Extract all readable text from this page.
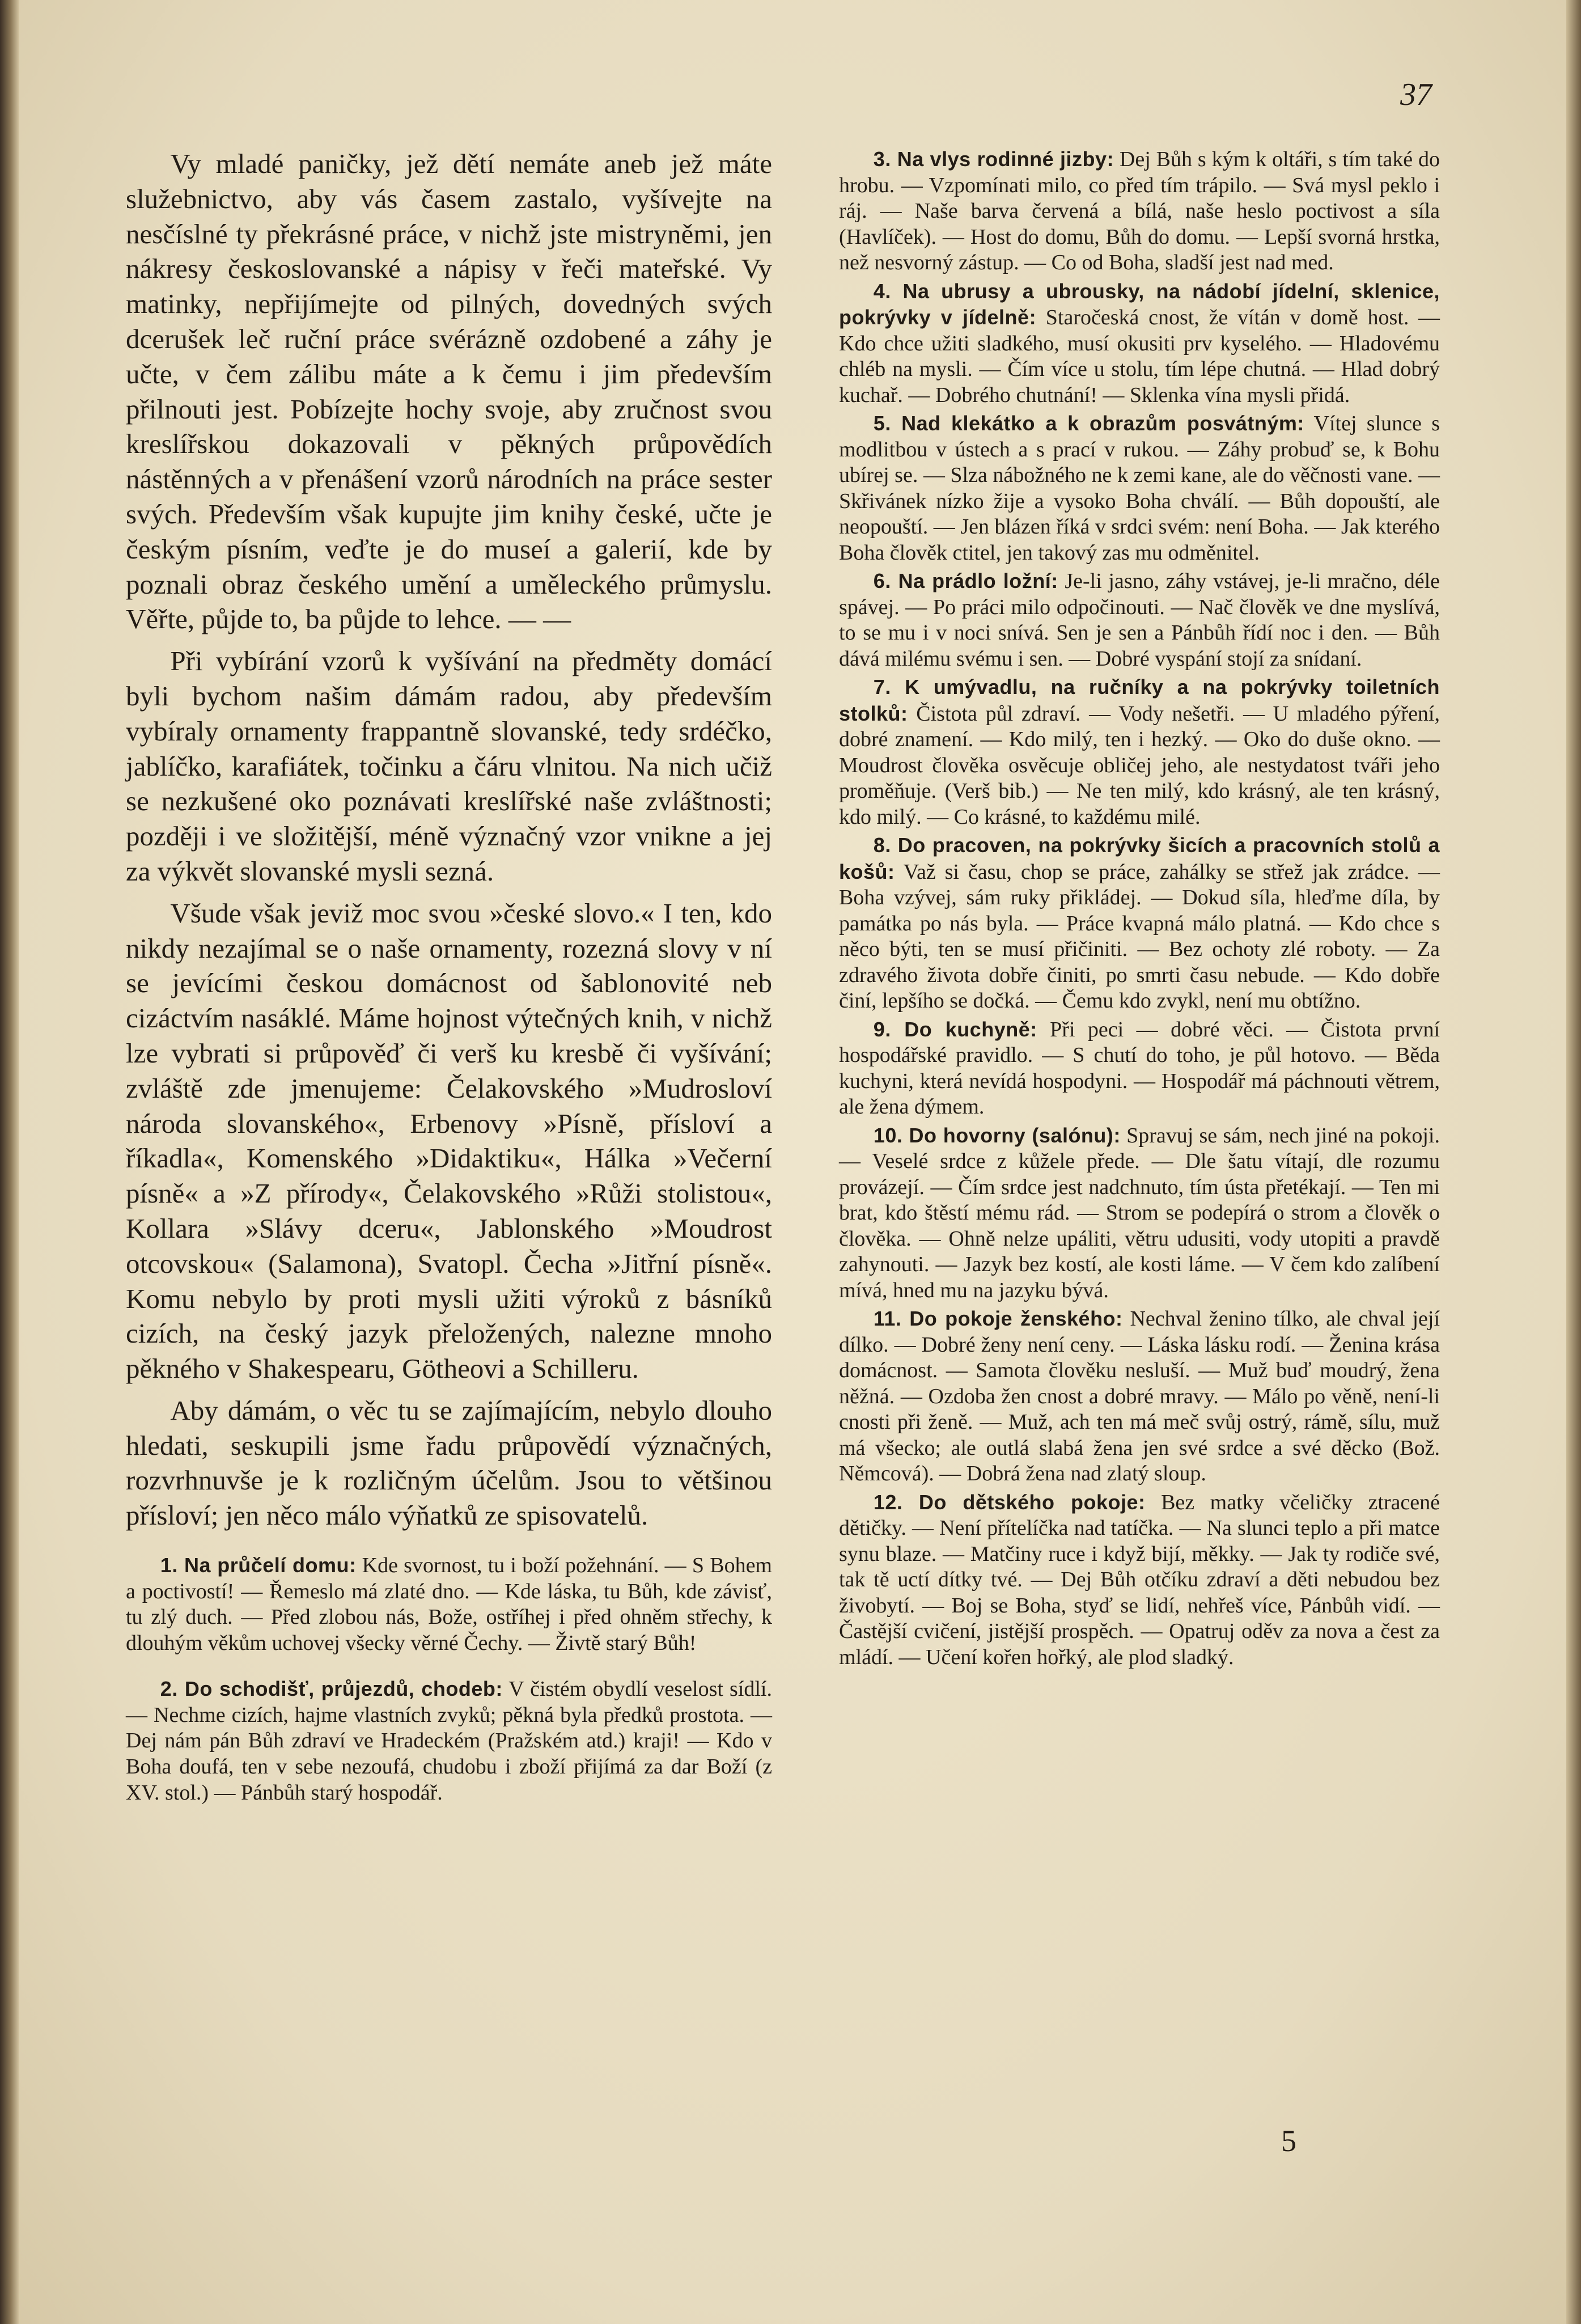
37

Vy mladé paničky, jež dětí nemáte aneb jež máte služebnictvo, aby vás časem zastalo, vyšívejte na nesčíslné ty překrásné práce, v nichž jste mistryněmi, jen nákresy českoslovanské a nápisy v řeči mateřské. Vy matinky, nepřijímejte od pilných, dovedných svých dcerušek leč ruční práce svérázně ozdobené a záhy je učte, v čem zálibu máte a k čemu i jim především přilnouti jest. Pobízejte hochy svoje, aby zručnost svou kreslířskou dokazovali v pěkných průpovědích nástěnných a v přenášení vzorů národních na práce sester svých. Především však kupujte jim knihy české, učte je českým písním, veďte je do museí a galerií, kde by poznali obraz českého umění a uměleckého průmyslu. Věřte, půjde to, ba půjde to lehce. — —

Při vybírání vzorů k vyšívání na předměty domácí byli bychom našim dámám radou, aby především vybíraly ornamenty frappantně slovanské, tedy srdéčko, jablíčko, karafiátek, točinku a čáru vlnitou. Na nich učiž se nezkušené oko poznávati kreslířské naše zvláštnosti; později i ve složitější, méně význačný vzor vnikne a jej za výkvět slovanské mysli sezná.

Všude však jeviž moc svou »české slovo.« I ten, kdo nikdy nezajímal se o naše ornamenty, rozezná slovy v ní se jevícími českou domácnost od šablonovité neb cizáctvím nasáklé. Máme hojnost výtečných knih, v nichž lze vybrati si průpověď či verš ku kresbě či vyšívání; zvláště zde jmenujeme: Čelakovského »Mudrosloví národa slovanského«, Erbenovy »Písně, přísloví a říkadla«, Komenského »Didaktiku«, Hálka »Večerní písně« a »Z přírody«, Čelakovského »Růži stolistou«, Kollara »Slávy dceru«, Jablonského »Moudrost otcovskou« (Salamona), Svatopl. Čecha »Jitřní písně«. Komu nebylo by proti mysli užiti výroků z básníků cizích, na český jazyk přeložených, nalezne mnoho pěkného v Shakespearu, Götheovi a Schilleru.

Aby dámám, o věc tu se zajímajícím, nebylo dlouho hledati, seskupili jsme řadu průpovědí význačných, rozvrhnuvše je k rozličným účelům. Jsou to většinou přísloví; jen něco málo výňatků ze spisovatelů.

1. Na průčelí domu: Kde svornost, tu i boží požehnání. — S Bohem a poctivostí! — Řemeslo má zlaté dno. — Kde láska, tu Bůh, kde závisť, tu zlý duch. — Před zlobou nás, Bože, ostříhej i před ohněm střechy, k dlouhým věkům uchovej všecky věrné Čechy. — Živtě starý Bůh!

2. Do schodišť, průjezdů, chodeb: V čistém obydlí veselost sídlí. — Nechme cizích, hajme vlastních zvyků; pěkná byla předků prostota. — Dej nám pán Bůh zdraví ve Hradeckém (Pražském atd.) kraji! — Kdo v Boha doufá, ten v sebe nezoufá, chudobu i zboží přijímá za dar Boží (z XV. stol.) — Pánbůh starý hospodář.

3. Na vlys rodinné jizby: Dej Bůh s kým k oltáři, s tím také do hrobu. — Vzpomínati milo, co před tím trápilo. — Svá mysl peklo i ráj. — Naše barva červená a bílá, naše heslo poctivost a síla (Havlíček). — Host do domu, Bůh do domu. — Lepší svorná hrstka, než nesvorný zástup. — Co od Boha, sladší jest nad med.

4. Na ubrusy a ubrousky, na nádobí jídelní, sklenice, pokrývky v jídelně: Staročeská cnost, že vítán v domě host. — Kdo chce užiti sladkého, musí okusiti prv kyselého. — Hladovému chléb na mysli. — Čím více u stolu, tím lépe chutná. — Hlad dobrý kuchař. — Dobrého chutnání! — Sklenka vína mysli přidá.

5. Nad klekátko a k obrazům posvátným: Vítej slunce s modlitbou v ústech a s prací v rukou. — Záhy probuď se, k Bohu ubírej se. — Slza nábožného ne k zemi kane, ale do věčnosti vane. — Skřivánek nízko žije a vysoko Boha chválí. — Bůh dopouští, ale neopouští. — Jen blázen říká v srdci svém: není Boha. — Jak kterého Boha člověk ctitel, jen takový zas mu odměnitel.

6. Na prádlo ložní: Je-li jasno, záhy vstávej, je-li mračno, déle spávej. — Po práci milo odpočinouti. — Nač člověk ve dne myslívá, to se mu i v noci snívá. Sen je sen a Pánbůh řídí noc i den. — Bůh dává milému svému i sen. — Dobré vyspání stojí za snídaní.

7. K umývadlu, na ručníky a na pokrývky toiletních stolků: Čistota půl zdraví. — Vody nešetři. — U mladého pýření, dobré znamení. — Kdo milý, ten i hezký. — Oko do duše okno. — Moudrost člověka osvěcuje obličej jeho, ale nestydatost tváři jeho proměňuje. (Verš bib.) — Ne ten milý, kdo krásný, ale ten krásný, kdo milý. — Co krásné, to každému milé.

8. Do pracoven, na pokrývky šicích a pracovních stolů a košů: Važ si času, chop se práce, zahálky se střež jak zrádce. — Boha vzývej, sám ruky přikládej. — Dokud síla, hleďme díla, by památka po nás byla. — Práce kvapná málo platná. — Kdo chce s něco býti, ten se musí přičiniti. — Bez ochoty zlé roboty. — Za zdravého života dobře činiti, po smrti času nebude. — Kdo dobře činí, lepšího se dočká. — Čemu kdo zvykl, není mu obtížno.

9. Do kuchyně: Při peci — dobré věci. — Čistota první hospodářské pravidlo. — S chutí do toho, je půl hotovo. — Běda kuchyni, která nevídá hospodyni. — Hospodář má páchnouti větrem, ale žena dýmem.

10. Do hovorny (salónu): Spravuj se sám, nech jiné na pokoji. — Veselé srdce z kůžele přede. — Dle šatu vítají, dle rozumu provázejí. — Čím srdce jest nadchnuto, tím ústa přetékají. — Ten mi brat, kdo štěstí mému rád. — Strom se podepírá o strom a člověk o člověka. — Ohně nelze upáliti, větru udusiti, vody utopiti a pravdě zahynouti. — Jazyk bez kostí, ale kosti láme. — V čem kdo zalíbení mívá, hned mu na jazyku bývá.

11. Do pokoje ženského: Nechval ženino tílko, ale chval její dílko. — Dobré ženy není ceny. — Láska lásku rodí. — Ženina krása domácnost. — Samota člověku nesluší. — Muž buď moudrý, žena něžná. — Ozdoba žen cnost a dobré mravy. — Málo po věně, není-li cnosti při ženě. — Muž, ach ten má meč svůj ostrý, rámě, sílu, muž má všecko; ale outlá slabá žena jen své srdce a své děcko (Bož. Němcová). — Dobrá žena nad zlatý sloup.

12. Do dětského pokoje: Bez matky včeličky ztracené dětičky. — Není přítelíčka nad tatíčka. — Na slunci teplo a při matce synu blaze. — Matčiny ruce i když bijí, měkky. — Jak ty rodiče své, tak tě uctí dítky tvé. — Dej Bůh otčíku zdraví a děti nebudou bez živobytí. — Boj se Boha, styď se lidí, nehřeš více, Pánbůh vidí. — Častější cvičení, jistější prospěch. — Opatruj oděv za nova a čest za mládí. — Učení kořen hořký, ale plod sladký.

5
